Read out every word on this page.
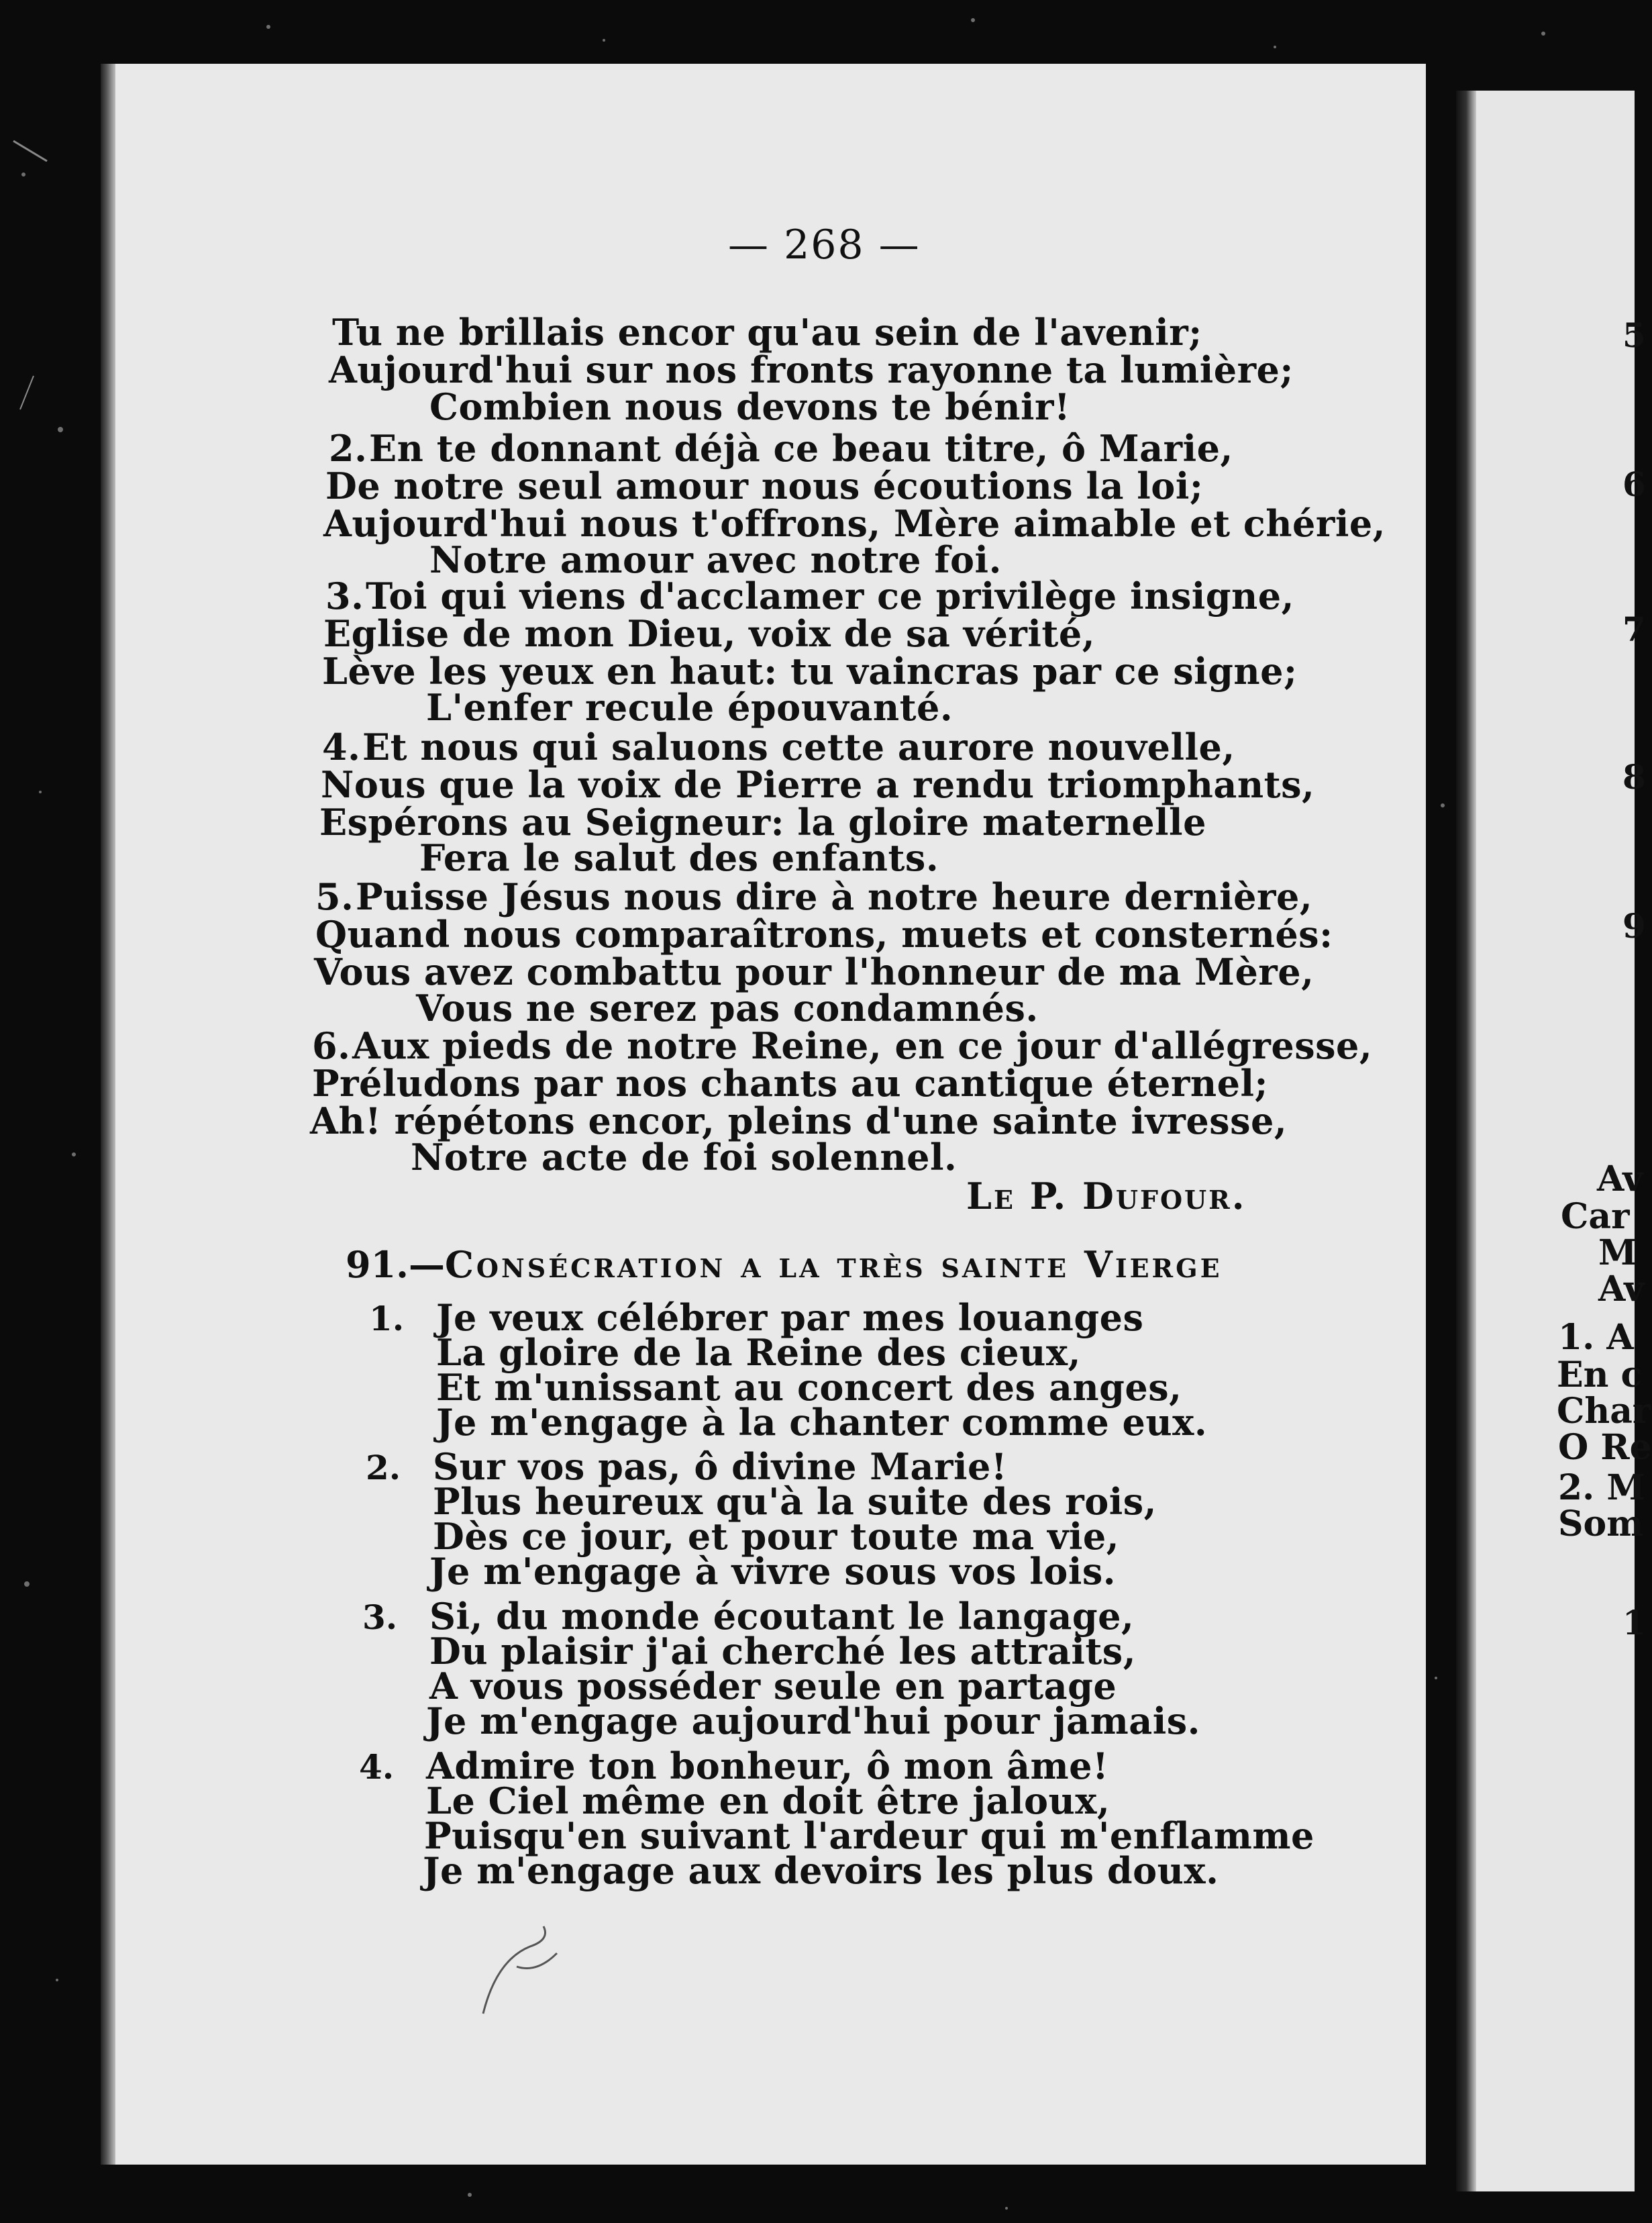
— 268 —
Tu ne brillais encor qu'au sein de l'avenir;
Aujourd'hui sur nos fronts rayonne ta lumière;
Combien nous devons te bénir!
2.En te donnant déjà ce beau titre, ô Marie,
De notre seul amour nous écoutions la loi;
Aujourd'hui nous t'offrons, Mère aimable et chérie,
Notre amour avec notre foi.
3.Toi qui viens d'acclamer ce privilège insigne,
Eglise de mon Dieu, voix de sa vérité,
Lève les yeux en haut: tu vaincras par ce signe;
L'enfer recule épouvanté.
4.Et nous qui saluons cette aurore nouvelle,
Nous que la voix de Pierre a rendu triomphants,
Espérons au Seigneur: la gloire maternelle
Fera le salut des enfants.
5.Puisse Jésus nous dire à notre heure dernière,
Quand nous comparaîtrons, muets et consternés:
Vous avez combattu pour l'honneur de ma Mère,
Vous ne serez pas condamnés.
6.Aux pieds de notre Reine, en ce jour d'allégresse,
Préludons par nos chants au cantique éternel;
Ah! répétons encor, pleins d'une sainte ivresse,
Notre acte de foi solennel.
Le P. Dufour.
91.—Consécration a la très sainte Vierge
1. Je veux célébrer par mes louanges
La gloire de la Reine des cieux,
Et m'unissant au concert des anges,
Je m'engage à la chanter comme eux.
2. Sur vos pas, ô divine Marie!
Plus heureux qu'à la suite des rois,
Dès ce jour, et pour toute ma vie,
Je m'engage à vivre sous vos lois.
3. Si, du monde écoutant le langage,
Du plaisir j'ai cherché les attraits,
A vous posséder seule en partage
Je m'engage aujourd'hui pour jamais.
4. Admire ton bonheur, ô mon âme!
Le Ciel même en doit être jaloux,
Puisqu'en suivant l'ardeur qui m'enflamme
Je m'engage aux devoirs les plus doux.
5
6
7
8
9
Av
Car
M
Av
1. A
En c
Char
O Re
2. M
Som
1
